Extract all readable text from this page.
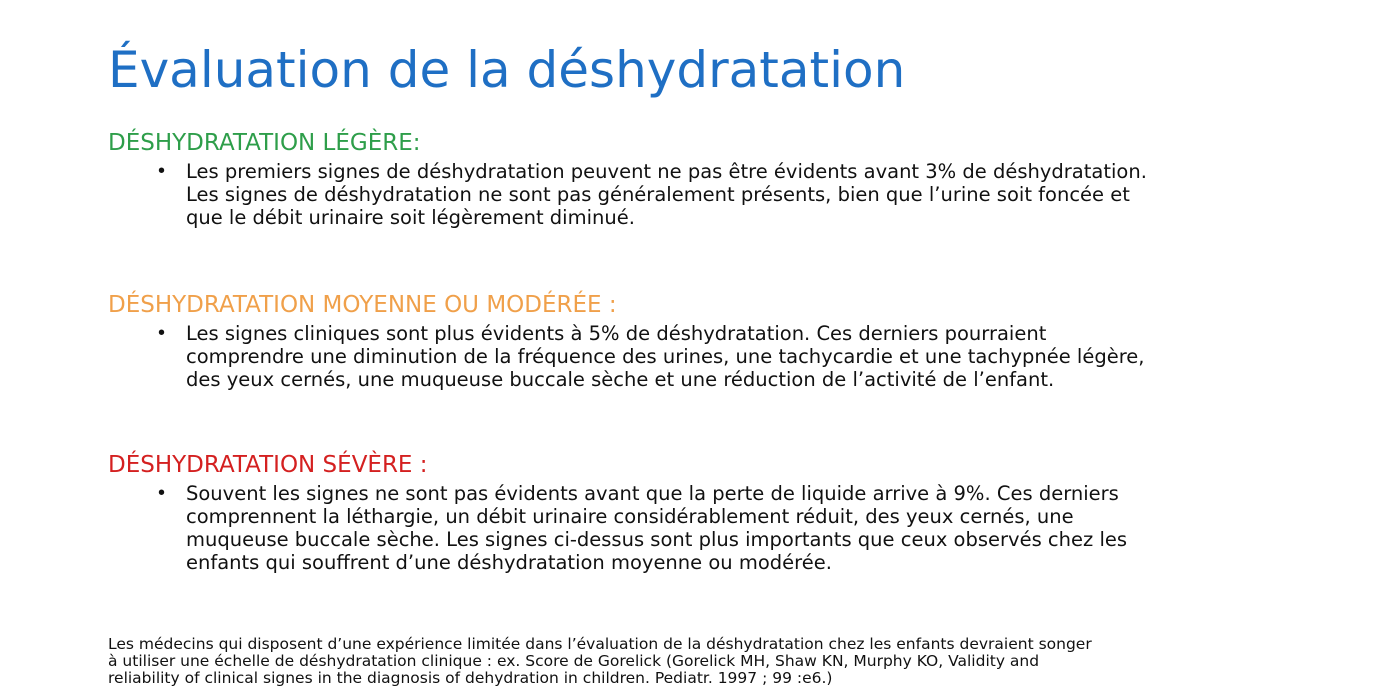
Évaluation de la déshydratation
DÉSHYDRATATION LÉGÈRE:
• Les premiers signes de déshydratation peuvent ne pas être évidents avant 3% de déshydratation.
Les signes de déshydratation ne sont pas généralement présents, bien que l’urine soit foncée et
que le débit urinaire soit légèrement diminué.
DÉSHYDRATATION MOYENNE OU MODÉRÉE :
• Les signes cliniques sont plus évidents à 5% de déshydratation. Ces derniers pourraient
comprendre une diminution de la fréquence des urines, une tachycardie et une tachypnée légère,
des yeux cernés, une muqueuse buccale sèche et une réduction de l’activité de l’enfant.
DÉSHYDRATATION SÉVÈRE :
• Souvent les signes ne sont pas évidents avant que la perte de liquide arrive à 9%. Ces derniers
comprennent la léthargie, un débit urinaire considérablement réduit, des yeux cernés, une
muqueuse buccale sèche. Les signes ci-dessus sont plus importants que ceux observés chez les
enfants qui souffrent d’une déshydratation moyenne ou modérée.
Les médecins qui disposent d’une expérience limitée dans l’évaluation de la déshydratation chez les enfants devraient songer
à utiliser une échelle de déshydratation clinique : ex. Score de Gorelick (Gorelick MH, Shaw KN, Murphy KO, Validity and
reliability of clinical signes in the diagnosis of dehydration in children. Pediatr. 1997 ; 99 :e6.)
